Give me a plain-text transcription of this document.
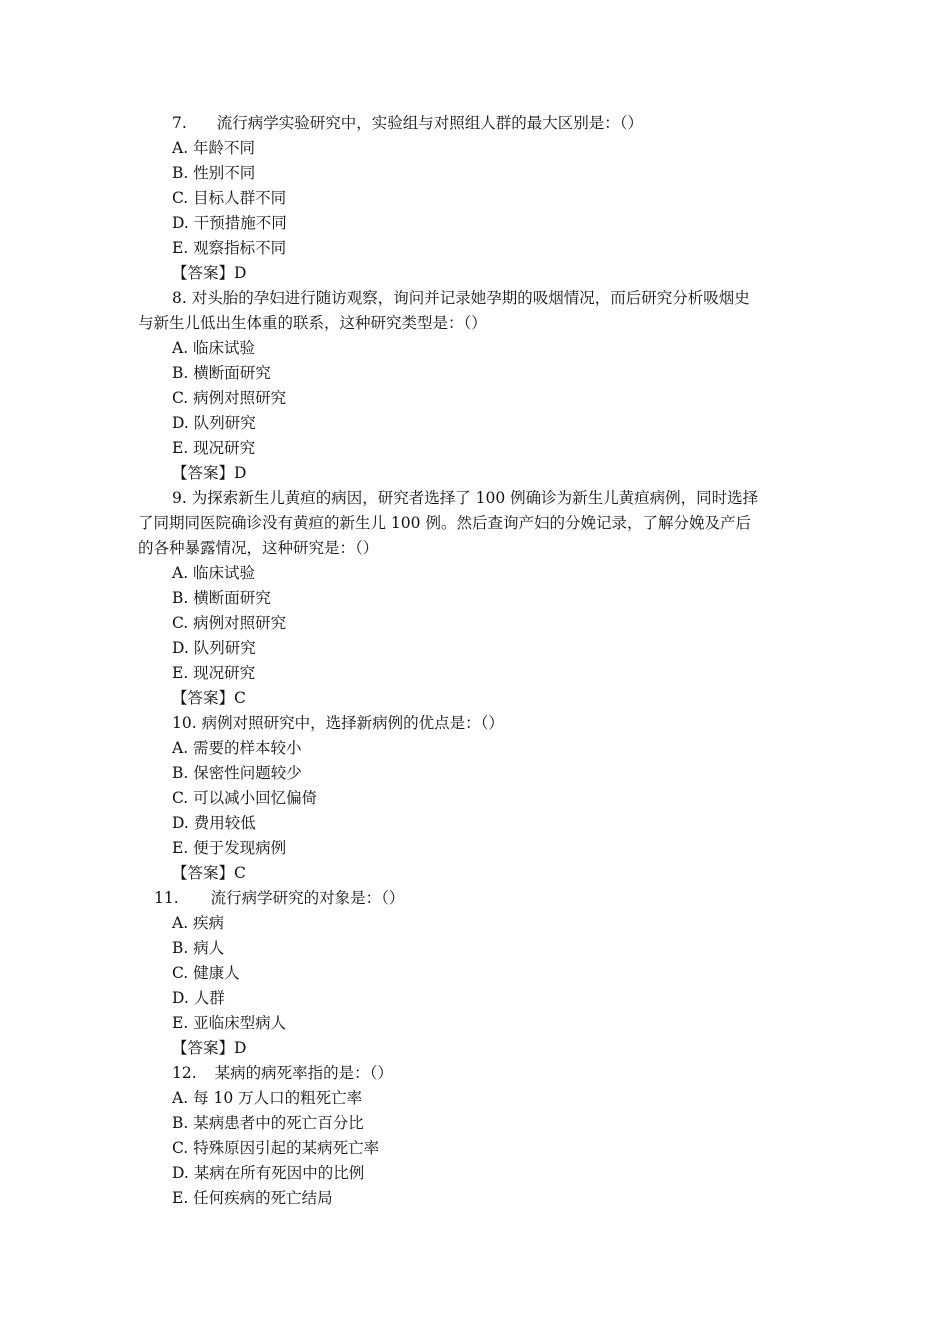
7. 流行病学实验研究中，实验组与对照组人群的最大区别是：（）
A. 年龄不同
B. 性别不同
C. 目标人群不同
D. 干预措施不同
E. 观察指标不同
【答案】D
8. 对头胎的孕妇进行随访观察，询问并记录她孕期的吸烟情况，而后研究分析吸烟史
与新生儿低出生体重的联系，这种研究类型是：（）
A. 临床试验
B. 横断面研究
C. 病例对照研究
D. 队列研究
E. 现况研究
【答案】D
9. 为探索新生儿黄疸的病因，研究者选择了 100 例确诊为新生儿黄疸病例，同时选择
了同期同医院确诊没有黄疸的新生儿 100 例。然后查询产妇的分娩记录，了解分娩及产后
的各种暴露情况，这种研究是：（）
A. 临床试验
B. 横断面研究
C. 病例对照研究
D. 队列研究
E. 现况研究
【答案】C
10. 病例对照研究中，选择新病例的优点是：（）
A. 需要的样本较小
B. 保密性问题较少
C. 可以减小回忆偏倚
D. 费用较低
E. 便于发现病例
【答案】C
11. 流行病学研究的对象是：（）
A. 疾病
B. 病人
C. 健康人
D. 人群
E. 亚临床型病人
【答案】D
12. 某病的病死率指的是：（）
A. 每 10 万人口的粗死亡率
B. 某病患者中的死亡百分比
C. 特殊原因引起的某病死亡率
D. 某病在所有死因中的比例
E. 任何疾病的死亡结局
